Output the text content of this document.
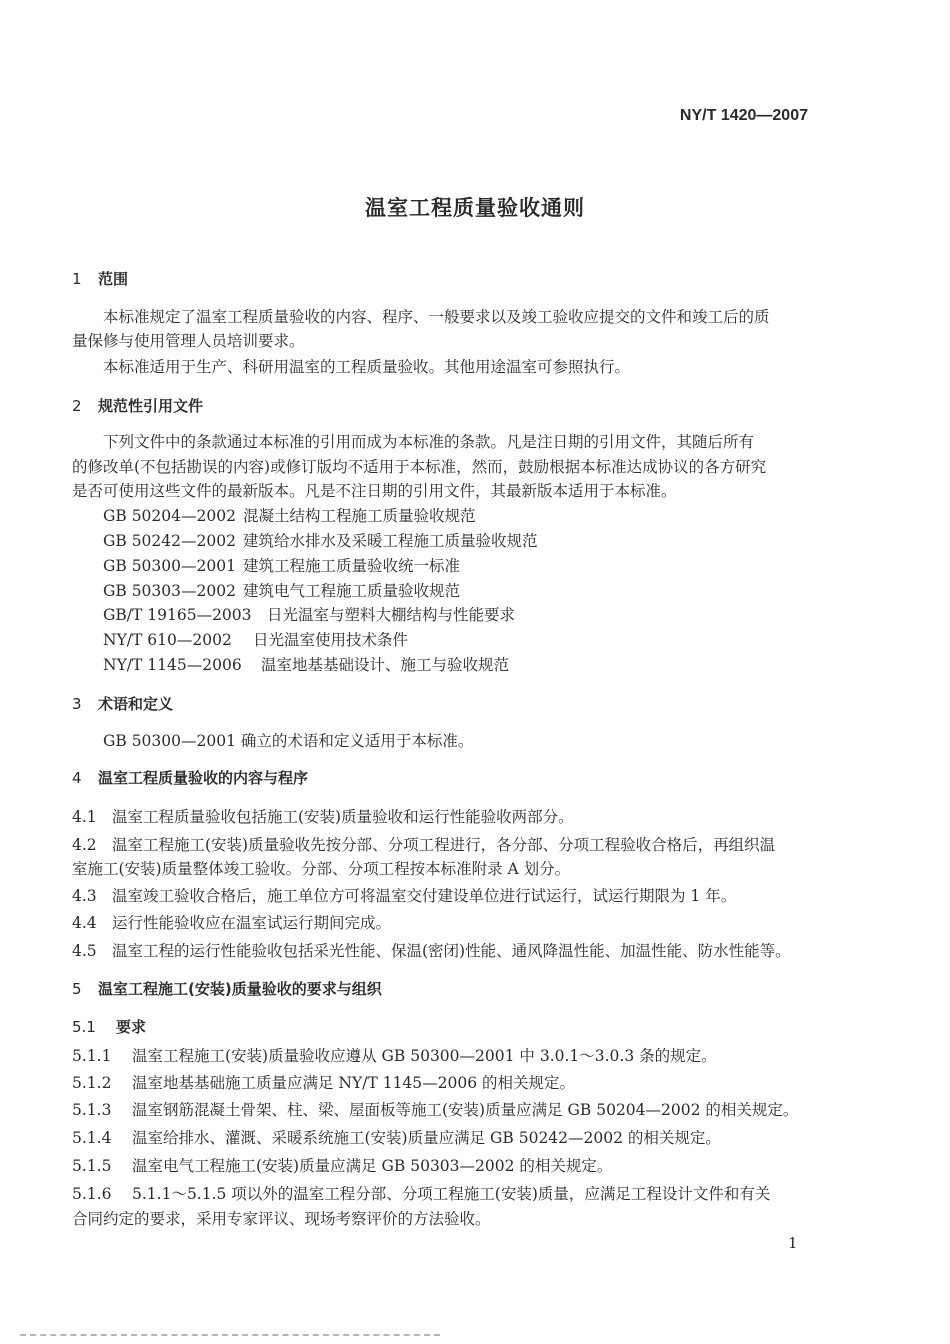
NY/T 1420—2007
温室工程质量验收通则
1 范围
本标准规定了温室工程质量验收的内容、程序、一般要求以及竣工验收应提交的文件和竣工后的质
量保修与使用管理人员培训要求。
本标准适用于生产、科研用温室的工程质量验收。其他用途温室可参照执行。
2 规范性引用文件
下列文件中的条款通过本标准的引用而成为本标准的条款。凡是注日期的引用文件，其随后所有
的修改单(不包括勘误的内容)或修订版均不适用于本标准，然而，鼓励根据本标准达成协议的各方研究
是否可使用这些文件的最新版本。凡是不注日期的引用文件，其最新版本适用于本标准。
GB 50204—2002 混凝土结构工程施工质量验收规范
GB 50242—2002 建筑给水排水及采暖工程施工质量验收规范
GB 50300—2001 建筑工程施工质量验收统一标准
GB 50303—2002 建筑电气工程施工质量验收规范
GB/T 19165—2003 日光温室与塑料大棚结构与性能要求
NY/T 610—2002 日光温室使用技术条件
NY/T 1145—2006 温室地基基础设计、施工与验收规范
3 术语和定义
GB 50300—2001 确立的术语和定义适用于本标准。
4 温室工程质量验收的内容与程序
4.1 温室工程质量验收包括施工(安装)质量验收和运行性能验收两部分。
4.2 温室工程施工(安装)质量验收先按分部、分项工程进行，各分部、分项工程验收合格后，再组织温
室施工(安装)质量整体竣工验收。分部、分项工程按本标准附录 A 划分。
4.3 温室竣工验收合格后，施工单位方可将温室交付建设单位进行试运行，试运行期限为 1 年。
4.4 运行性能验收应在温室试运行期间完成。
4.5 温室工程的运行性能验收包括采光性能、保温(密闭)性能、通风降温性能、加温性能、防水性能等。
5 温室工程施工(安装)质量验收的要求与组织
5.1 要求
5.1.1 温室工程施工(安装)质量验收应遵从 GB 50300—2001 中 3.0.1～3.0.3 条的规定。
5.1.2 温室地基基础施工质量应满足 NY/T 1145—2006 的相关规定。
5.1.3 温室钢筋混凝土骨架、柱、梁、屋面板等施工(安装)质量应满足 GB 50204—2002 的相关规定。
5.1.4 温室给排水、灌溉、采暖系统施工(安装)质量应满足 GB 50242—2002 的相关规定。
5.1.5 温室电气工程施工(安装)质量应满足 GB 50303—2002 的相关规定。
5.1.6 5.1.1～5.1.5 项以外的温室工程分部、分项工程施工(安装)质量，应满足工程设计文件和有关
合同约定的要求，采用专家评议、现场考察评价的方法验收。
1
